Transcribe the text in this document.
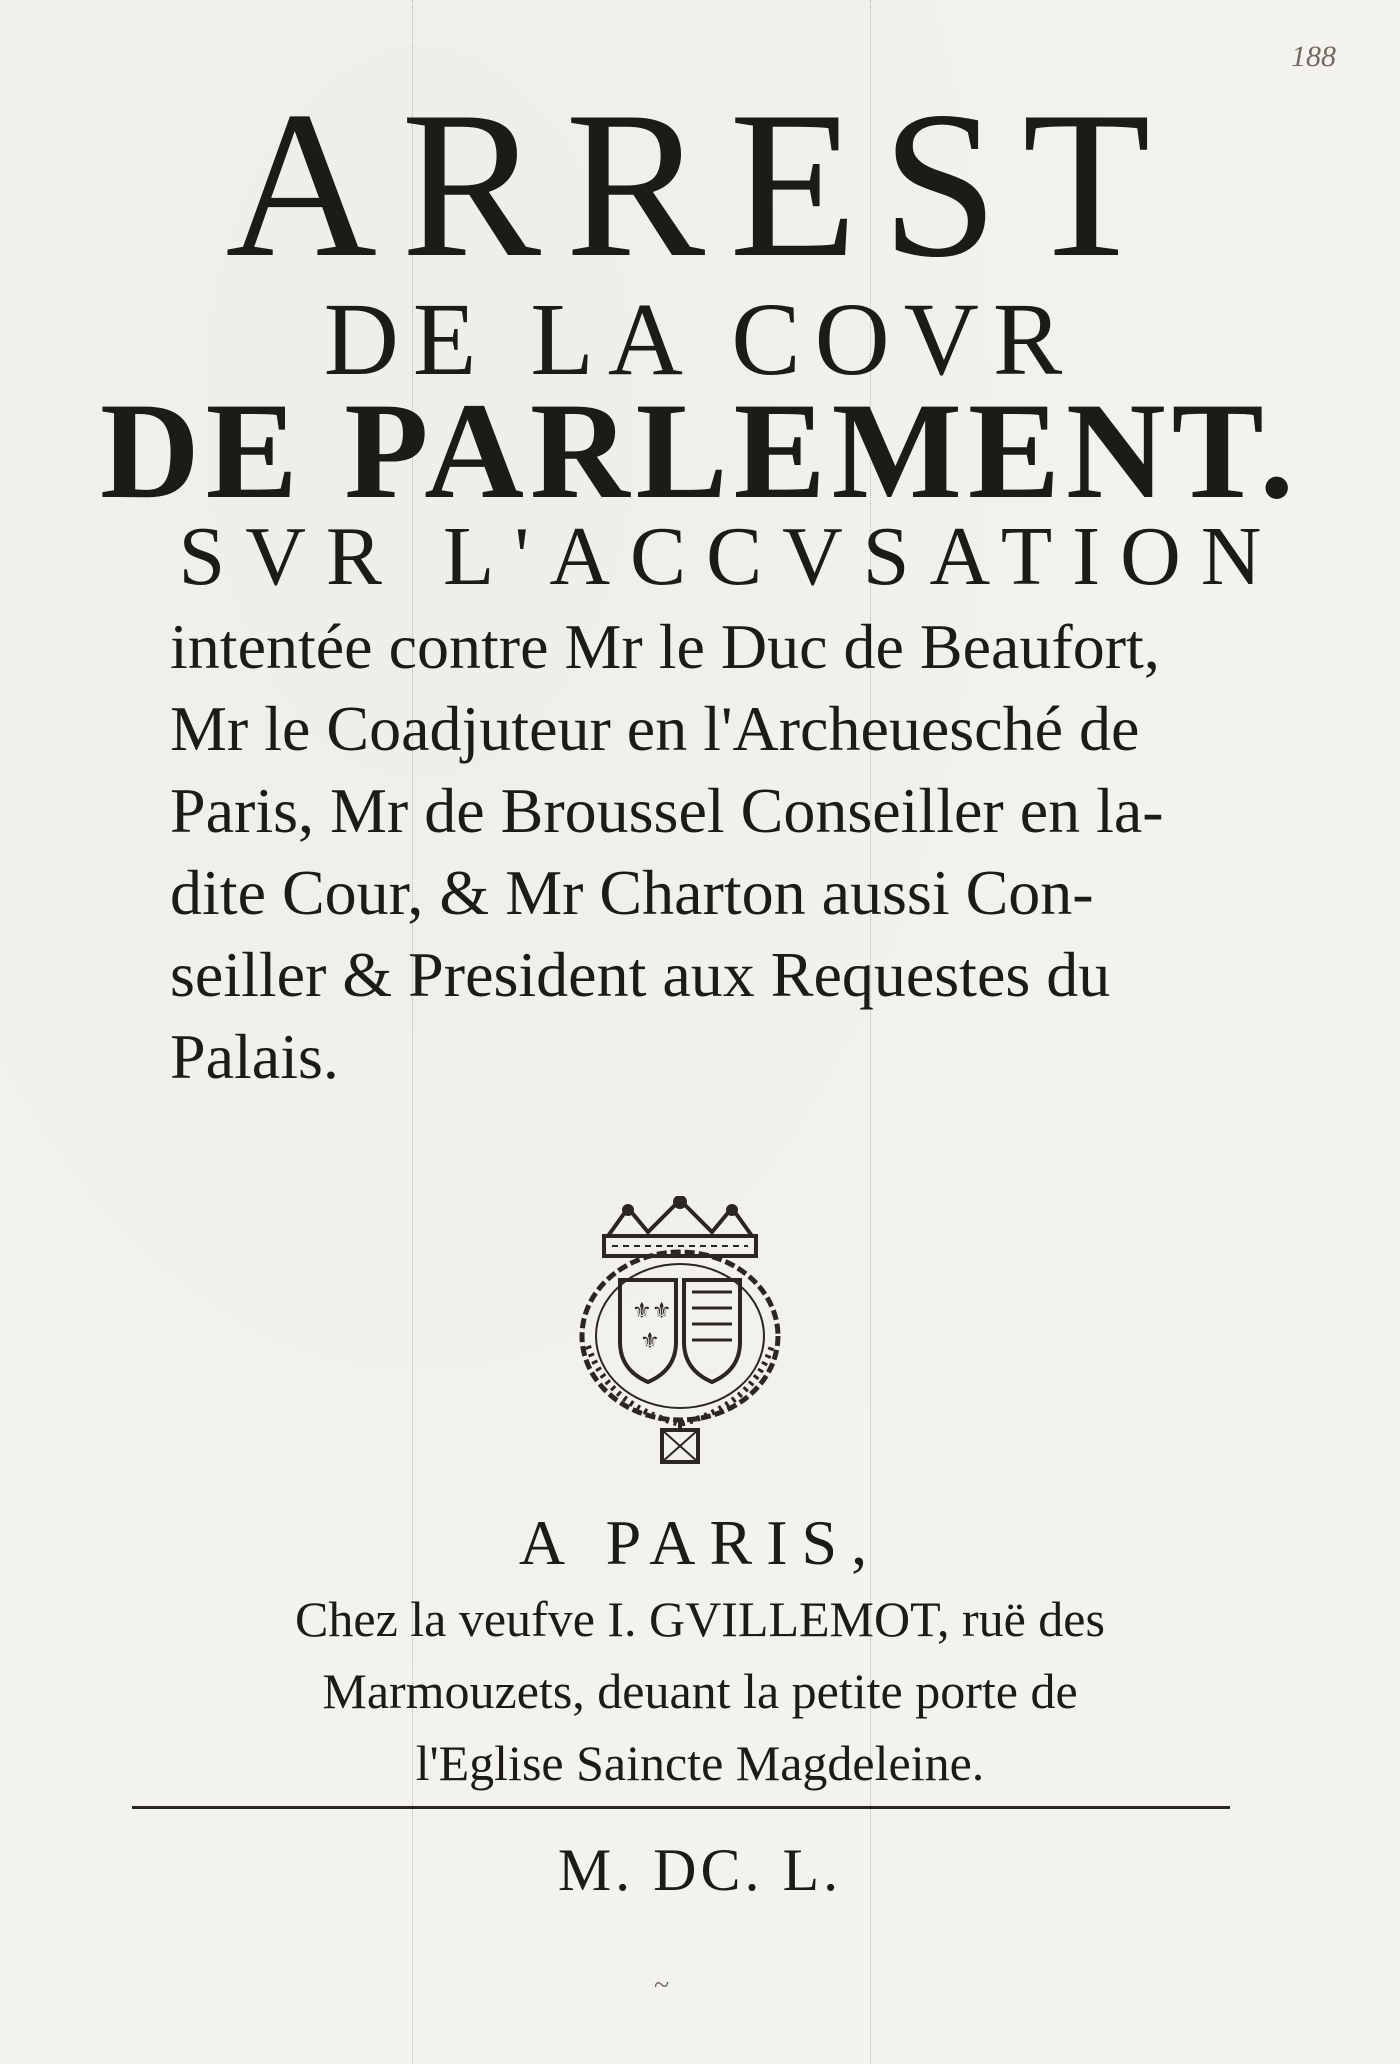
188
ARREST
DE LA COVR
DE PARLEMENT.
SVR L'ACCVSATION
intentée contre Mr le Duc de Beaufort,
Mr le Coadjuteur en l'Archeuesché de
Paris, Mr de Broussel Conseiller en la-
dite Cour, & Mr Charton aussi Con-
seiller & President aux Requestes du
Palais.
⚜⚜
⚜
A PARIS,
Chez la veufve I. GVILLEMOT, ruë des
Marmouzets, deuant la petite porte de
l'Eglise Saincte Magdeleine.
M. DC. L.
~
